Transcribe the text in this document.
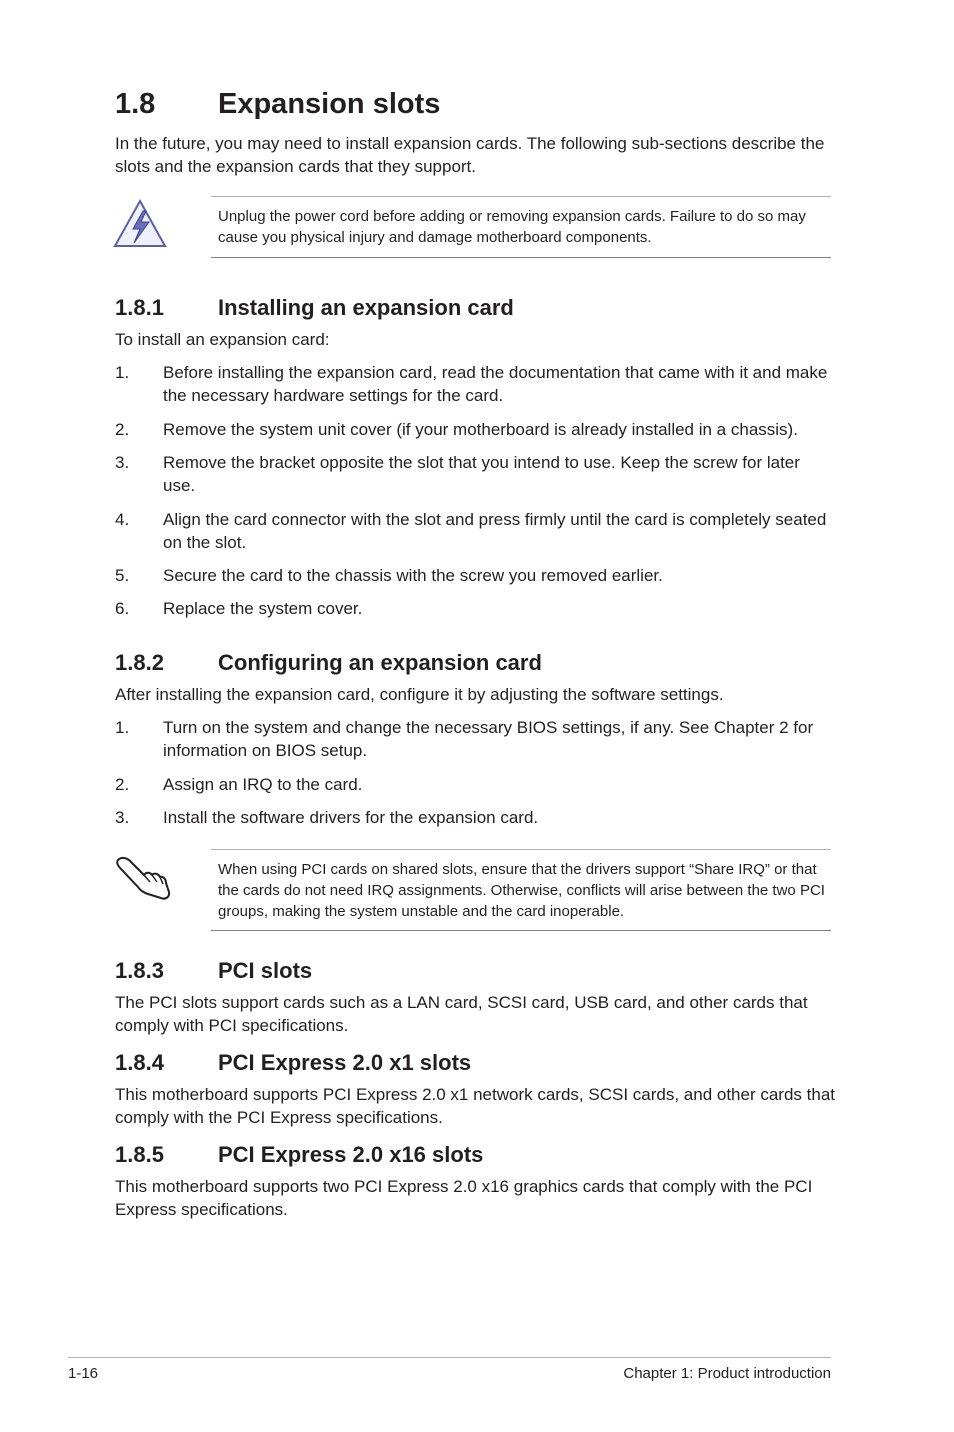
1.8 Expansion slots
In the future, you may need to install expansion cards. The following sub-sections describe the slots and the expansion cards that they support.
Unplug the power cord before adding or removing expansion cards. Failure to do so may cause you physical injury and damage motherboard components.
1.8.1 Installing an expansion card
To install an expansion card:
1. Before installing the expansion card, read the documentation that came with it and make the necessary hardware settings for the card.
2. Remove the system unit cover (if your motherboard is already installed in a chassis).
3. Remove the bracket opposite the slot that you intend to use. Keep the screw for later use.
4. Align the card connector with the slot and press firmly until the card is completely seated on the slot.
5. Secure the card to the chassis with the screw you removed earlier.
6. Replace the system cover.
1.8.2 Configuring an expansion card
After installing the expansion card, configure it by adjusting the software settings.
1. Turn on the system and change the necessary BIOS settings, if any. See Chapter 2 for information on BIOS setup.
2. Assign an IRQ to the card.
3. Install the software drivers for the expansion card.
When using PCI cards on shared slots, ensure that the drivers support “Share IRQ” or that the cards do not need IRQ assignments. Otherwise, conflicts will arise between the two PCI groups, making the system unstable and the card inoperable.
1.8.3 PCI slots
The PCI slots support cards such as a LAN card, SCSI card, USB card, and other cards that comply with PCI specifications.
1.8.4 PCI Express 2.0 x1 slots
This motherboard supports PCI Express 2.0 x1 network cards, SCSI cards, and other cards that comply with the PCI Express specifications.
1.8.5 PCI Express 2.0 x16 slots
This motherboard supports two PCI Express 2.0 x16 graphics cards that comply with the PCI Express specifications.
1-16	Chapter 1: Product introduction
